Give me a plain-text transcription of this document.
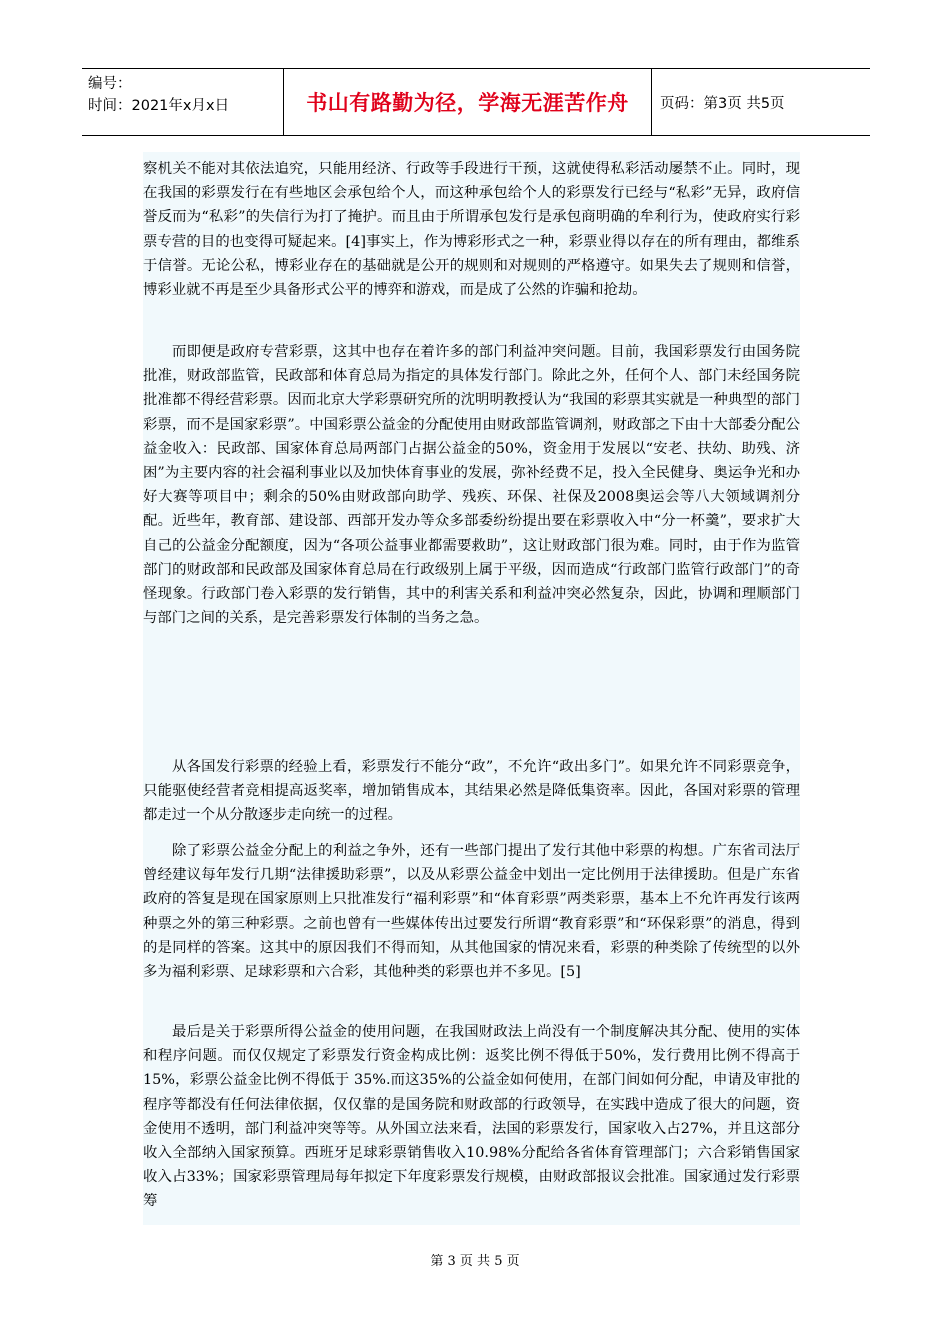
编号：
时间：2021年x月x日	书山有路勤为径，学海无涯苦作舟	页码：第3页 共5页

察机关不能对其依法追究，只能用经济、行政等手段进行干预，这就使得私彩活动屡禁不止。同时，现在我国的彩票发行在有些地区会承包给个人，而这种承包给个人的彩票发行已经与“私彩”无异，政府信誉反而为“私彩”的失信行为打了掩护。而且由于所谓承包发行是承包商明确的牟利行为，使政府实行彩票专营的目的也变得可疑起来。[4]事实上，作为博彩形式之一种，彩票业得以存在的所有理由，都维系于信誉。无论公私，博彩业存在的基础就是公开的规则和对规则的严格遵守。如果失去了规则和信誉，博彩业就不再是至少具备形式公平的博弈和游戏，而是成了公然的诈骗和抢劫。

而即便是政府专营彩票，这其中也存在着许多的部门利益冲突问题。目前，我国彩票发行由国务院批准，财政部监管，民政部和体育总局为指定的具体发行部门。除此之外，任何个人、部门未经国务院批准都不得经营彩票。因而北京大学彩票研究所的沈明明教授认为“我国的彩票其实就是一种典型的部门彩票，而不是国家彩票”。中国彩票公益金的分配使用由财政部监管调剂，财政部之下由十大部委分配公益金收入：民政部、国家体育总局两部门占据公益金的50%，资金用于发展以“安老、扶幼、助残、济困”为主要内容的社会福利事业以及加快体育事业的发展，弥补经费不足，投入全民健身、奥运争光和办好大赛等项目中；剩余的50%由财政部向助学、残疾、环保、社保及2008奥运会等八大领域调剂分配。近些年，教育部、建设部、西部开发办等众多部委纷纷提出要在彩票收入中“分一杯羹”，要求扩大自己的公益金分配额度，因为“各项公益事业都需要救助”，这让财政部门很为难。同时，由于作为监管部门的财政部和民政部及国家体育总局在行政级别上属于平级，因而造成“行政部门监管行政部门”的奇怪现象。行政部门卷入彩票的发行销售，其中的利害关系和利益冲突必然复杂，因此，协调和理顺部门与部门之间的关系，是完善彩票发行体制的当务之急。

从各国发行彩票的经验上看，彩票发行不能分“政”，不允许“政出多门”。如果允许不同彩票竞争，只能驱使经营者竞相提高返奖率，增加销售成本，其结果必然是降低集资率。因此，各国对彩票的管理都走过一个从分散逐步走向统一的过程。

除了彩票公益金分配上的利益之争外，还有一些部门提出了发行其他中彩票的构想。广东省司法厅曾经建议每年发行几期“法律援助彩票”，以及从彩票公益金中划出一定比例用于法律援助。但是广东省政府的答复是现在国家原则上只批准发行“福利彩票”和“体育彩票”两类彩票，基本上不允许再发行该两种票之外的第三种彩票。之前也曾有一些媒体传出过要发行所谓“教育彩票”和“环保彩票”的消息，得到的是同样的答案。这其中的原因我们不得而知，从其他国家的情况来看，彩票的种类除了传统型的以外多为福利彩票、足球彩票和六合彩，其他种类的彩票也并不多见。[5]

最后是关于彩票所得公益金的使用问题，在我国财政法上尚没有一个制度解决其分配、使用的实体和程序问题。而仅仅规定了彩票发行资金构成比例：返奖比例不得低于50%，发行费用比例不得高于15%，彩票公益金比例不得低于 35%.而这35%的公益金如何使用，在部门间如何分配，申请及审批的程序等都没有任何法律依据，仅仅靠的是国务院和财政部的行政领导，在实践中造成了很大的问题，资金使用不透明，部门利益冲突等等。从外国立法来看，法国的彩票发行，国家收入占27%，并且这部分收入全部纳入国家预算。西班牙足球彩票销售收入10.98%分配给各省体育管理部门；六合彩销售国家收入占33%；国家彩票管理局每年拟定下年度彩票发行规模，由财政部报议会批准。国家通过发行彩票筹

第 3 页 共 5 页
